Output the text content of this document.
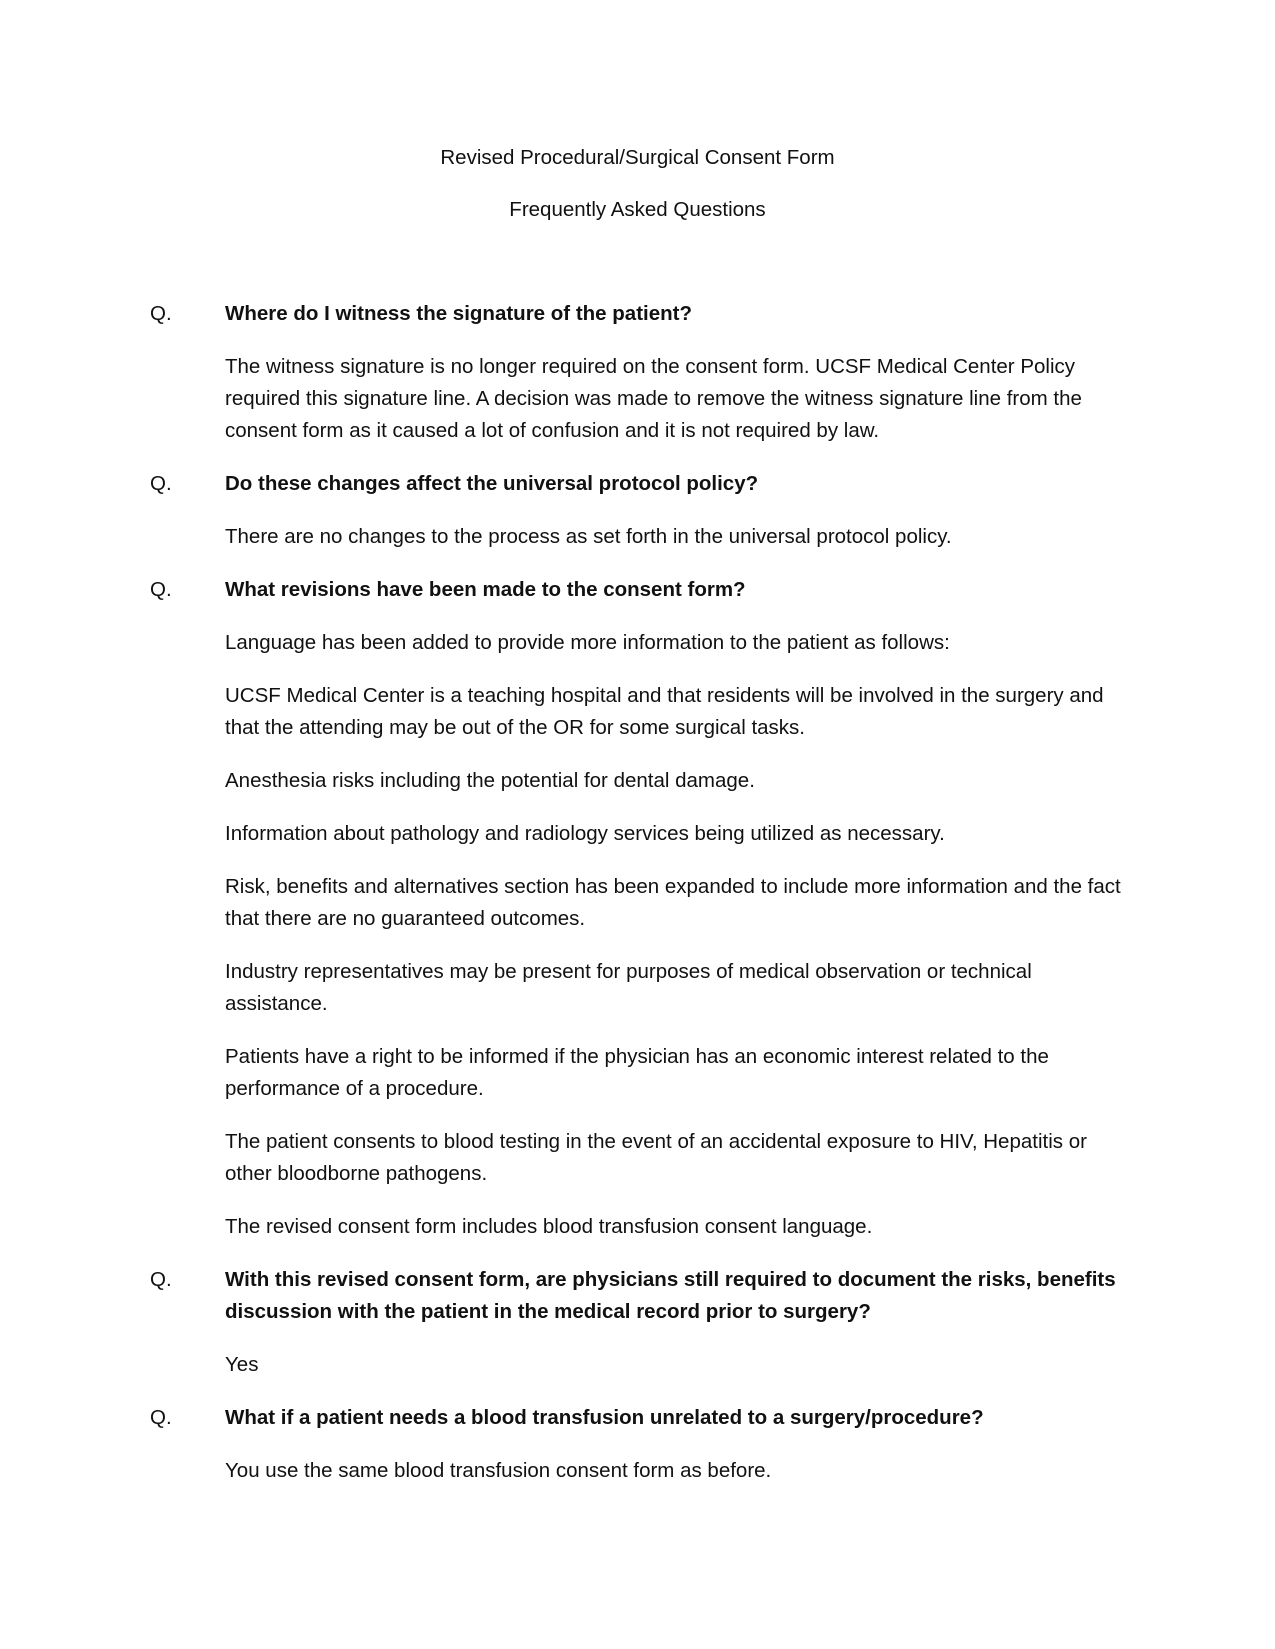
Revised Procedural/Surgical Consent Form

Frequently Asked Questions

Q.	Where do I witness the signature of the patient?

The witness signature is no longer required on the consent form. UCSF Medical Center Policy required this signature line. A decision was made to remove the witness signature line from the consent form as it caused a lot of confusion and it is not required by law.

Q.	Do these changes affect the universal protocol policy?

There are no changes to the process as set forth in the universal protocol policy.

Q.	What revisions have been made to the consent form?

Language has been added to provide more information to the patient as follows:

UCSF Medical Center is a teaching hospital and that residents will be involved in the surgery and that the attending may be out of the OR for some surgical tasks.

Anesthesia risks including the potential for dental damage.

Information about pathology and radiology services being utilized as necessary.

Risk, benefits and alternatives section has been expanded to include more information and the fact that there are no guaranteed outcomes.

Industry representatives may be present for purposes of medical observation or technical assistance.

Patients have a right to be informed if the physician has an economic interest related to the performance of a procedure.

The patient consents to blood testing in the event of an accidental exposure to HIV, Hepatitis or other bloodborne pathogens.

The revised consent form includes blood transfusion consent language.

Q.	With this revised consent form, are physicians still required to document the risks, benefits discussion with the patient in the medical record prior to surgery?

Yes

Q.	What if a patient needs a blood transfusion unrelated to a surgery/procedure?

You use the same blood transfusion consent form as before.
